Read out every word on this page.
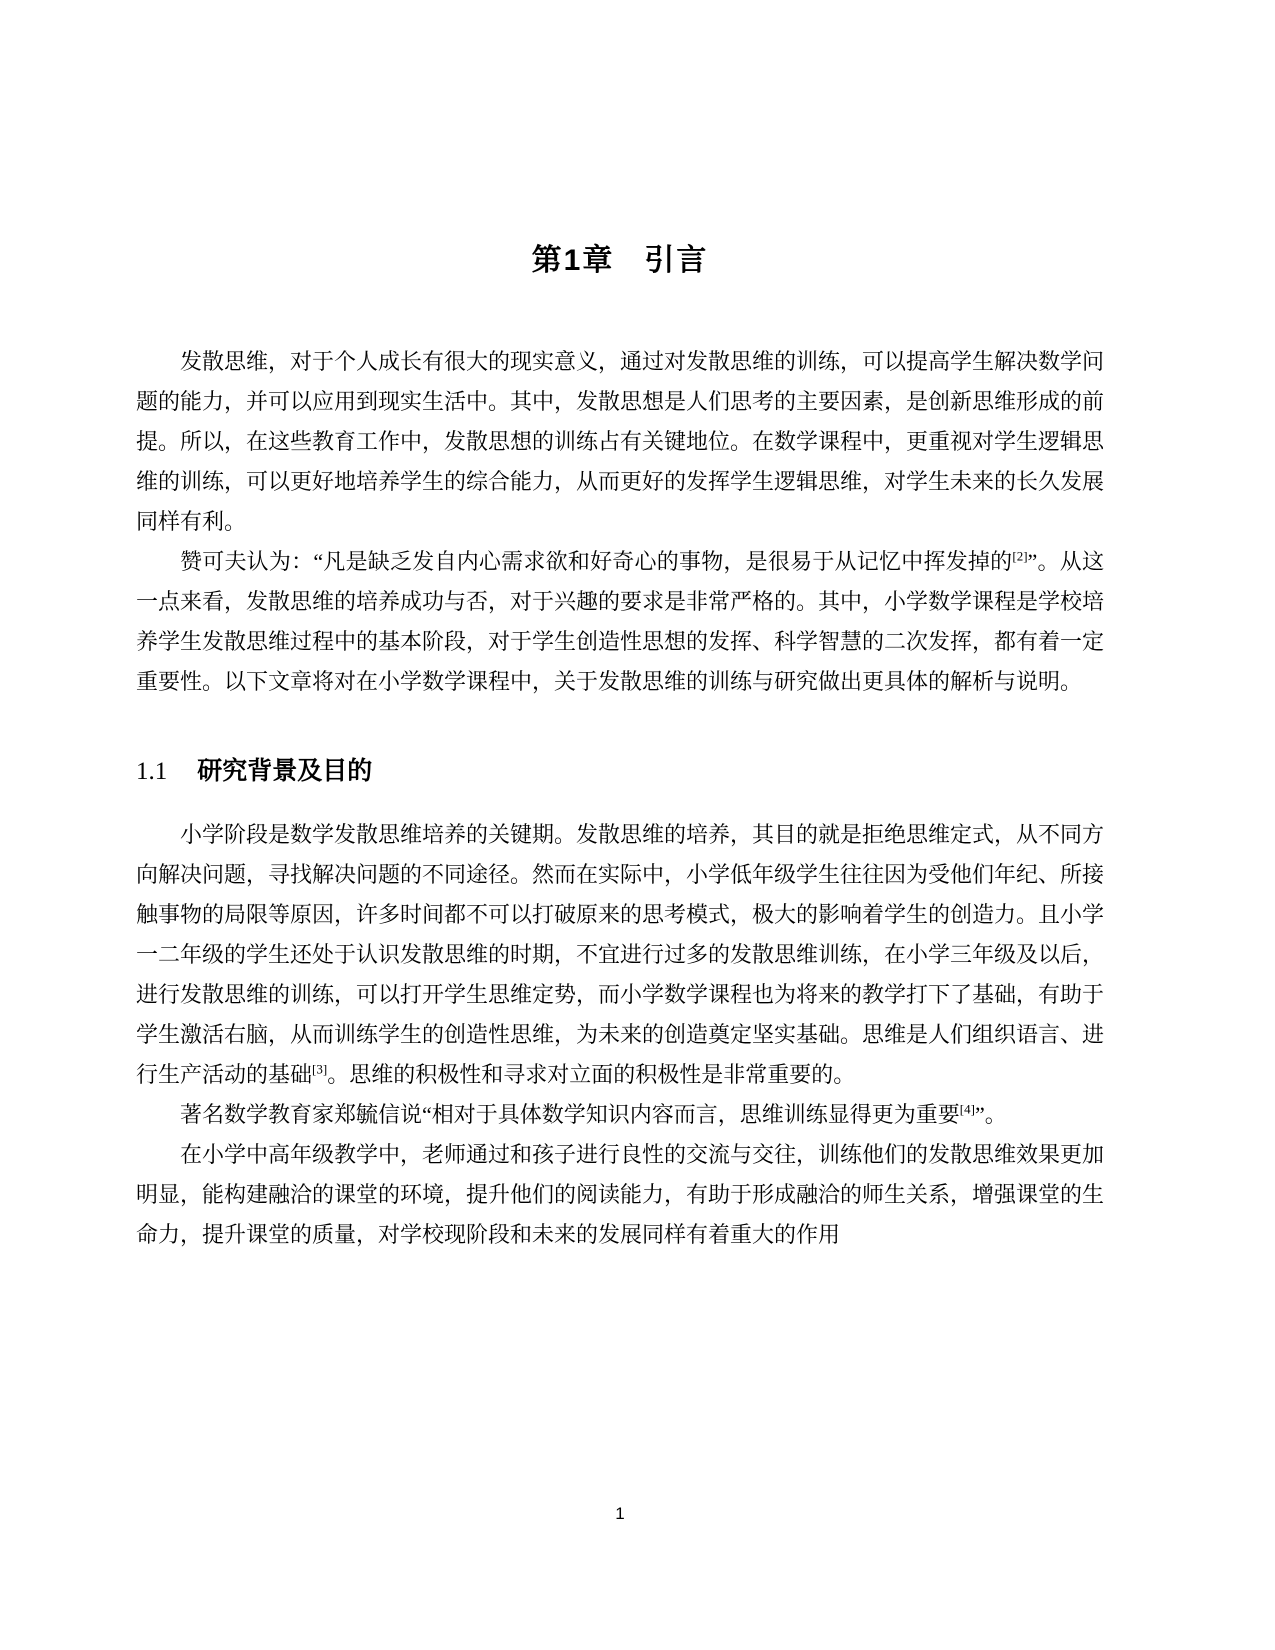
第1章 引言

发散思维，对于个人成长有很大的现实意义，通过对发散思维的训练，可以提高学生解决数学问题的能力，并可以应用到现实生活中。其中，发散思想是人们思考的主要因素，是创新思维形成的前提。所以，在这些教育工作中，发散思想的训练占有关键地位。在数学课程中，更重视对学生逻辑思维的训练，可以更好地培养学生的综合能力，从而更好的发挥学生逻辑思维，对学生未来的长久发展同样有利。

赞可夫认为：“凡是缺乏发自内心需求欲和好奇心的事物，是很易于从记忆中挥发掉的[2]”。从这一点来看，发散思维的培养成功与否，对于兴趣的要求是非常严格的。其中，小学数学课程是学校培养学生发散思维过程中的基本阶段，对于学生创造性思想的发挥、科学智慧的二次发挥，都有着一定重要性。以下文章将对在小学数学课程中，关于发散思维的训练与研究做出更具体的解析与说明。

1.1 研究背景及目的

小学阶段是数学发散思维培养的关键期。发散思维的培养，其目的就是拒绝思维定式，从不同方向解决问题，寻找解决问题的不同途径。然而在实际中，小学低年级学生往往因为受他们年纪、所接触事物的局限等原因，许多时间都不可以打破原来的思考模式，极大的影响着学生的创造力。且小学一二年级的学生还处于认识发散思维的时期，不宜进行过多的发散思维训练，在小学三年级及以后，进行发散思维的训练，可以打开学生思维定势，而小学数学课程也为将来的教学打下了基础，有助于学生激活右脑，从而训练学生的创造性思维，为未来的创造奠定坚实基础。思维是人们组织语言、进行生产活动的基础[3]。思维的积极性和寻求对立面的积极性是非常重要的。

著名数学教育家郑毓信说“相对于具体数学知识内容而言，思维训练显得更为重要[4]”。

在小学中高年级教学中，老师通过和孩子进行良性的交流与交往，训练他们的发散思维效果更加明显，能构建融洽的课堂的环境，提升他们的阅读能力，有助于形成融洽的师生关系，增强课堂的生命力，提升课堂的质量，对学校现阶段和未来的发展同样有着重大的作用

1
